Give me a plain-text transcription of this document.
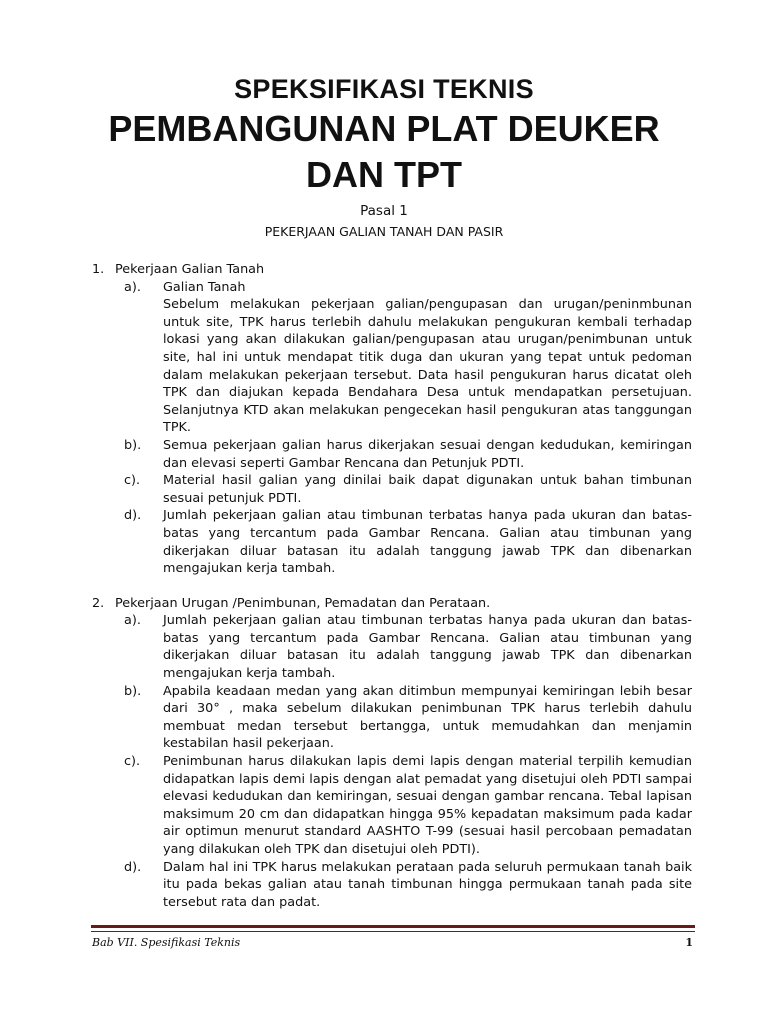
SPEKSIFIKASI TEKNIS
PEMBANGUNAN PLAT DEUKER
DAN TPT
Pasal 1
PEKERJAAN GALIAN TANAH DAN PASIR
1. Pekerjaan Galian Tanah
a). Galian Tanah
Sebelum melakukan pekerjaan galian/pengupasan dan urugan/peninmbunan untuk site, TPK harus terlebih dahulu melakukan pengukuran kembali terhadap lokasi yang akan dilakukan galian/pengupasan atau urugan/penimbunan untuk site, hal ini untuk mendapat titik duga dan ukuran yang tepat untuk pedoman dalam melakukan pekerjaan tersebut. Data hasil pengukuran harus dicatat oleh TPK dan diajukan kepada Bendahara Desa untuk mendapatkan persetujuan. Selanjutnya KTD akan melakukan pengecekan hasil pengukuran atas tanggungan TPK.
b). Semua pekerjaan galian harus dikerjakan sesuai dengan kedudukan, kemiringan dan elevasi seperti Gambar Rencana dan Petunjuk PDTI.
c). Material hasil galian yang dinilai baik dapat digunakan untuk bahan timbunan sesuai petunjuk PDTI.
d). Jumlah pekerjaan galian atau timbunan terbatas hanya pada ukuran dan batas-batas yang tercantum pada Gambar Rencana. Galian atau timbunan yang dikerjakan diluar batasan itu adalah tanggung jawab TPK dan dibenarkan mengajukan kerja tambah.
2. Pekerjaan Urugan /Penimbunan, Pemadatan dan Perataan.
a). Jumlah pekerjaan galian atau timbunan terbatas hanya pada ukuran dan batas-batas yang tercantum pada Gambar Rencana. Galian atau timbunan yang dikerjakan diluar batasan itu adalah tanggung jawab TPK dan dibenarkan mengajukan kerja tambah.
b). Apabila keadaan medan yang akan ditimbun mempunyai kemiringan lebih besar dari 30° , maka sebelum dilakukan penimbunan TPK harus terlebih dahulu membuat medan tersebut bertangga, untuk memudahkan dan menjamin kestabilan hasil pekerjaan.
c). Penimbunan harus dilakukan lapis demi lapis dengan material terpilih kemudian didapatkan lapis demi lapis dengan alat pemadat yang disetujui oleh PDTI sampai elevasi kedudukan dan kemiringan, sesuai dengan gambar rencana. Tebal lapisan maksimum 20 cm dan didapatkan hingga 95% kepadatan maksimum pada kadar air optimun menurut standard AASHTO T-99 (sesuai hasil percobaan pemadatan yang dilakukan oleh TPK dan disetujui oleh PDTI).
d). Dalam hal ini TPK harus melakukan perataan pada seluruh permukaan tanah baik itu pada bekas galian atau tanah timbunan hingga permukaan tanah pada site tersebut rata dan padat.
Bab VII. Spesifikasi Teknis	1
